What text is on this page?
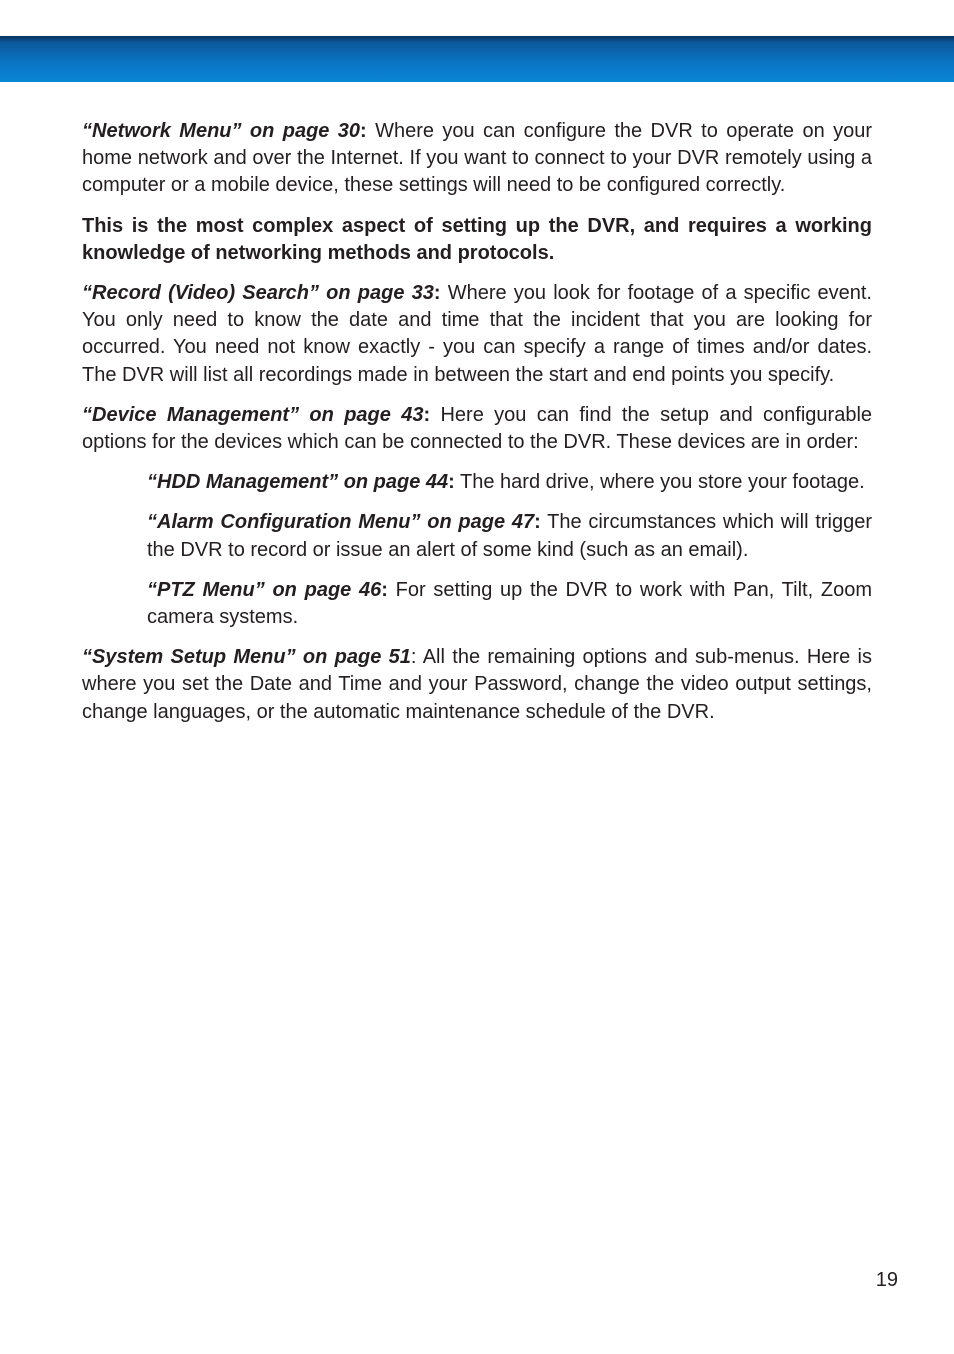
“Network Menu” on page 30: Where you can configure the DVR to operate on your home network and over the Internet. If you want to connect to your DVR remotely using a computer or a mobile device, these settings will need to be configured correctly.

This is the most complex aspect of setting up the DVR, and requires a working knowledge of networking methods and protocols.

“Record (Video) Search” on page 33: Where you look for footage of a specific event. You only need to know the date and time that the incident that you are looking for occurred. You need not know exactly - you can specify a range of times and/or dates. The DVR will list all recordings made in between the start and end points you specify.

“Device Management” on page 43: Here you can find the setup and configurable options for the devices which can be connected to the DVR. These devices are in order:

“HDD Management” on page 44: The hard drive, where you store your footage.

“Alarm Configuration Menu” on page 47: The circumstances which will trigger the DVR to record or issue an alert of some kind (such as an email).

“PTZ Menu” on page 46: For setting up the DVR to work with Pan, Tilt, Zoom camera systems.

“System Setup Menu” on page 51: All the remaining options and sub-menus. Here is where you set the Date and Time and your Password, change the video output settings, change languages, or the automatic maintenance schedule of the DVR.

19
